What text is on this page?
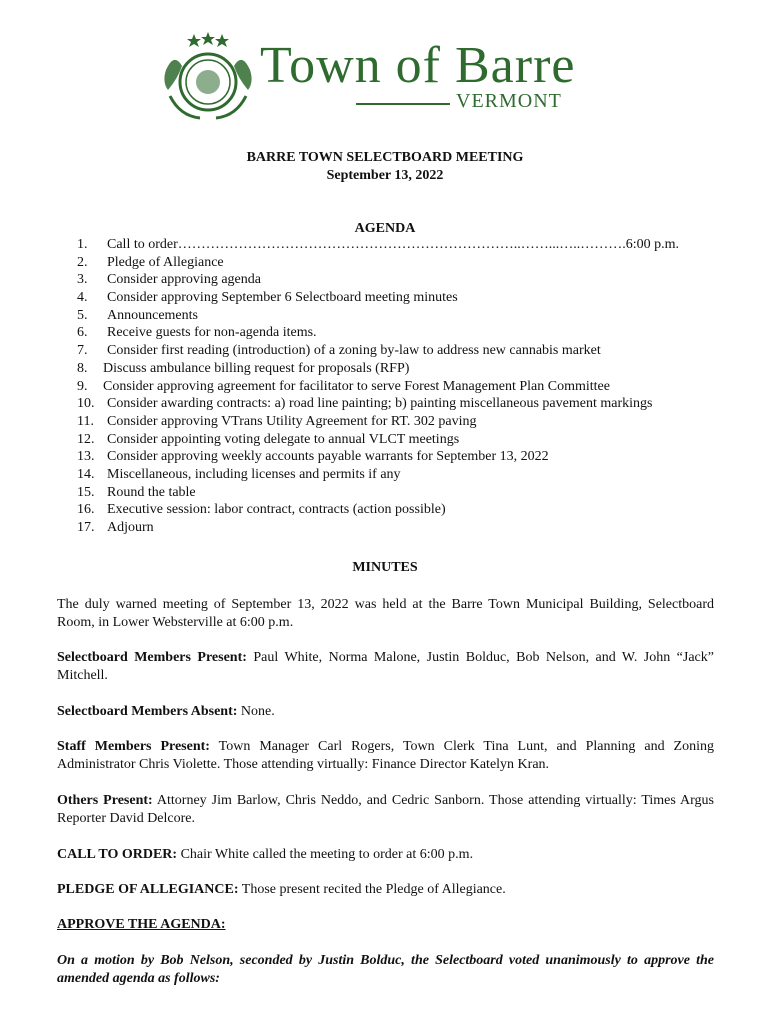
Town of Barre
VERMONT
BARRE TOWN SELECTBOARD MEETING
September 13, 2022
AGENDA
1. Call to order………………………………………………………………..……...…..……….6:00 p.m.
2. Pledge of Allegiance
3. Consider approving agenda
4. Consider approving September 6 Selectboard meeting minutes
5. Announcements
6. Receive guests for non-agenda items.
7. Consider first reading (introduction) of a zoning by-law to address new cannabis market
8. Discuss ambulance billing request for proposals (RFP)
9. Consider approving agreement for facilitator to serve Forest Management Plan Committee
10. Consider awarding contracts: a) road line painting; b) painting miscellaneous pavement markings
11. Consider approving VTrans Utility Agreement for RT. 302 paving
12. Consider appointing voting delegate to annual VLCT meetings
13. Consider approving weekly accounts payable warrants for September 13, 2022
14. Miscellaneous, including licenses and permits if any
15. Round the table
16. Executive session: labor contract, contracts (action possible)
17. Adjourn
MINUTES
The duly warned meeting of September 13, 2022 was held at the Barre Town Municipal Building, Selectboard Room, in Lower Websterville at 6:00 p.m.
Selectboard Members Present: Paul White, Norma Malone, Justin Bolduc, Bob Nelson, and W. John “Jack” Mitchell.
Selectboard Members Absent: None.
Staff Members Present: Town Manager Carl Rogers, Town Clerk Tina Lunt, and Planning and Zoning Administrator Chris Violette. Those attending virtually: Finance Director Katelyn Kran.
Others Present: Attorney Jim Barlow, Chris Neddo, and Cedric Sanborn. Those attending virtually: Times Argus Reporter David Delcore.
CALL TO ORDER: Chair White called the meeting to order at 6:00 p.m.
PLEDGE OF ALLEGIANCE: Those present recited the Pledge of Allegiance.
APPROVE THE AGENDA:
On a motion by Bob Nelson, seconded by Justin Bolduc, the Selectboard voted unanimously to approve the amended agenda as follows:
